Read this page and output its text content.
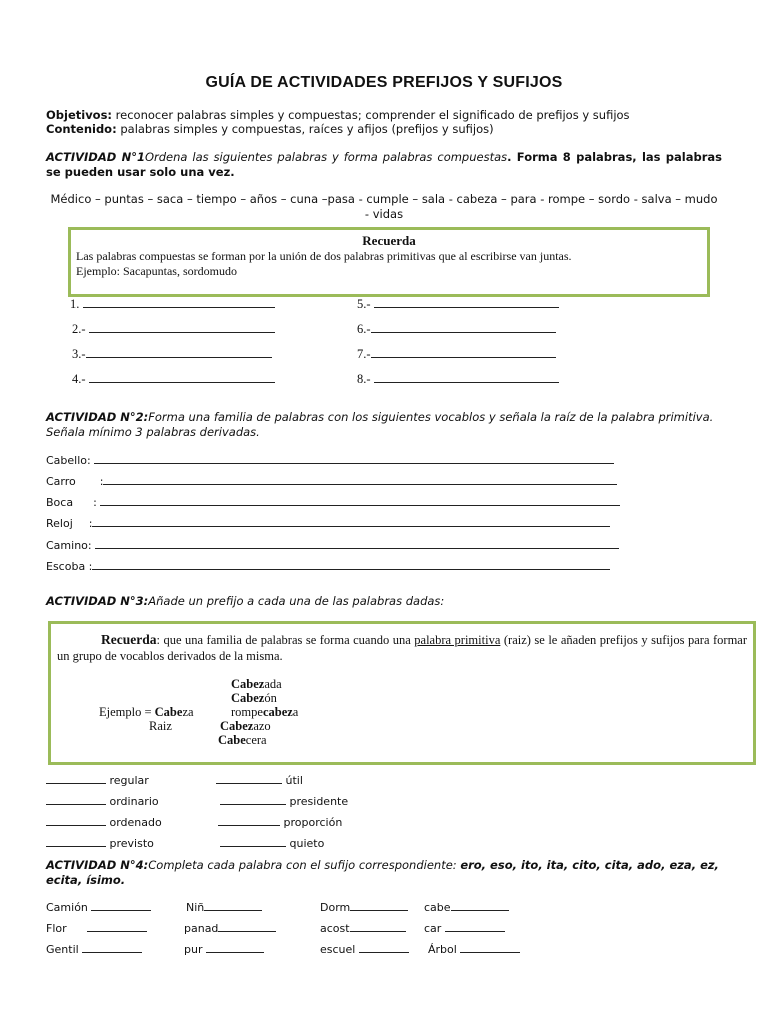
GUÍA DE ACTIVIDADES PREFIJOS Y SUFIJOS
Objetivos: reconocer palabras simples y compuestas; comprender el significado de prefijos y sufijos
Contenido: palabras simples y compuestas, raíces y afijos (prefijos y sufijos)
ACTIVIDAD N°1Ordena las siguientes palabras y forma palabras compuestas. Forma 8 palabras, las palabras se pueden usar solo una vez.
Médico – puntas – saca – tiempo – años – cuna –pasa - cumple – sala - cabeza – para - rompe – sordo - salva – mudo - vidas
Recuerda
Las palabras compuestas se forman por la unión de dos palabras primitivas que al escribirse van juntas.
Ejemplo: Sacapuntas, sordomudo
1.
2.-
3.-
4.-
5.-
6.-
7.-
8.-
ACTIVIDAD N°2:Forma una familia de palabras con los siguientes vocablos y señala la raíz de la palabra primitiva. Señala mínimo 3 palabras derivadas.
Cabello:
Carro :
Boca :
Reloj :
Camino:
Escoba :
ACTIVIDAD N°3:Añade un prefijo a cada una de las palabras dadas:
Recuerda: que una familia de palabras se forma cuando una palabra primitiva (raiz) se le añaden prefijos y sufijos para formar un grupo de vocablos derivados de la misma.
Cabezada
Cabezón
Ejemplo = Cabeza	rompecabeza
Raiz	Cabezazo
Cabecera
regular
ordinario
ordenado
previsto
útil
presidente
proporción
quieto
ACTIVIDAD N°4:Completa cada palabra con el sufijo correspondiente: ero, eso, ito, ita, cito, cita, ado, eza, ez, ecita, ísimo.
Camión
Flor
Gentil
Niñ
panad
pur
Dorm
acost
escuel
cabe
car
Árbol
